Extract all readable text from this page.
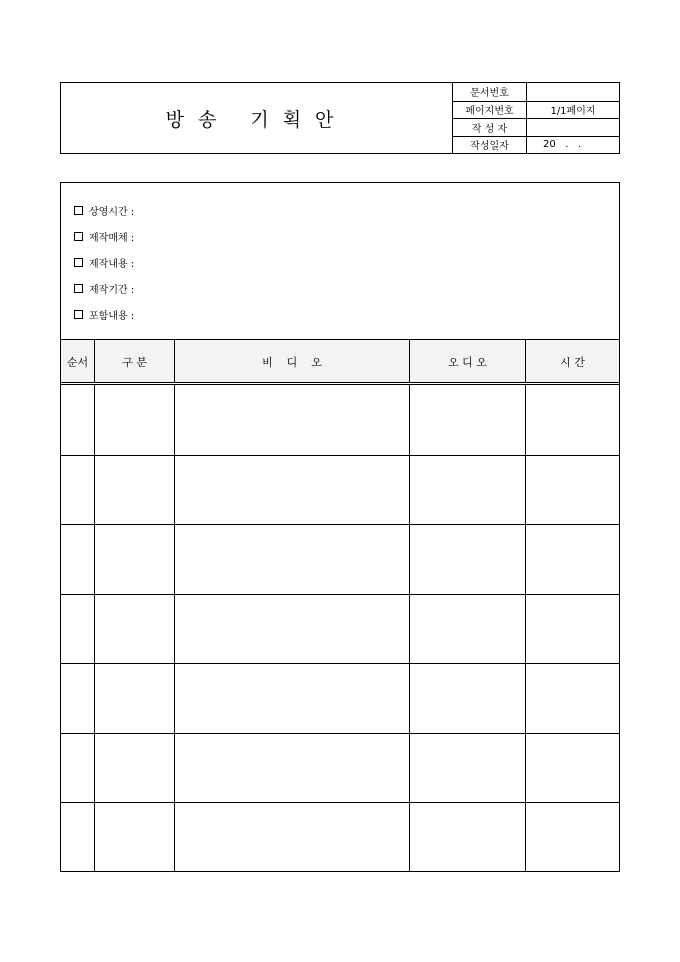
방송 기획안
문서번호
페이지번호	1/1페이지
작 성 자
작성일자	20   .   .
상영시간 :
제작매체 :
제작내용 :
제작기간 :
포함내용 :
순서	구 분	비    디    오	오 디 오	시 간
